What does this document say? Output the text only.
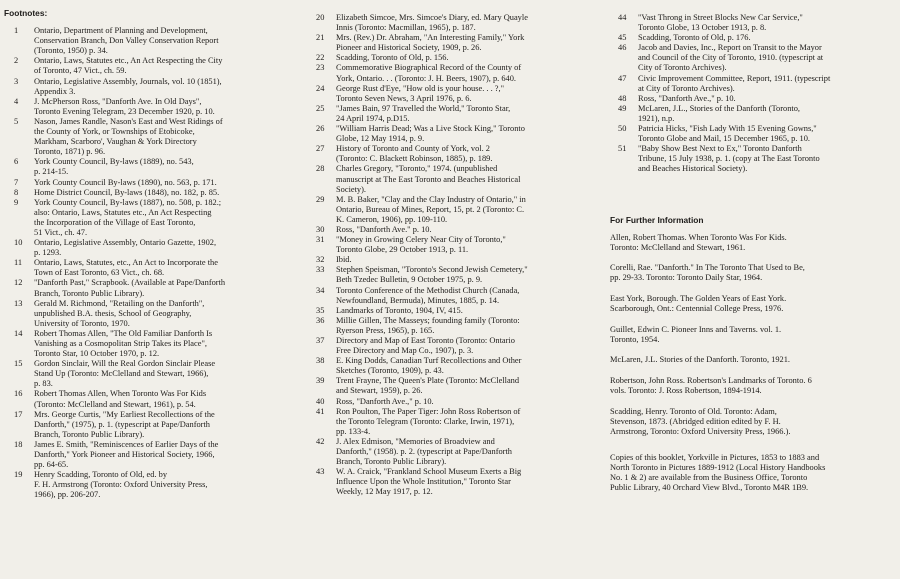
Footnotes:
1	Ontario, Department of Planning and Development,
Conservation Branch, Don Valley Conservation Report
(Toronto, 1950) p. 34.
2	Ontario, Laws, Statutes etc., An Act Respecting the City
of Toronto, 47 Vict., ch. 59.
3	Ontario, Legislative Assembly, Journals, vol. 10 (1851),
Appendix 3.
4	J. McPherson Ross, "Danforth Ave. In Old Days",
Toronto Evening Telegram, 23 December 1920, p. 10.
5	Nason, James Randle, Nason's East and West Ridings of
the County of York, or Townships of Etobicoke,
Markham, Scarboro', Vaughan & York Directory
Toronto, 1871) p. 96.
6	York County Council, By-laws (1889), no. 543,
p. 214-15.
7	York County Council By-laws (1890), no. 563, p. 171.
8	Home District Council, By-laws (1848), no. 182, p. 85.
9	York County Council, By-laws (1887), no. 508, p. 182.;
also: Ontario, Laws, Statutes etc., An Act Respecting
the Incorporation of the Village of East Toronto,
51 Vict., ch. 47.
10	Ontario, Legislative Assembly, Ontario Gazette, 1902,
p. 1293.
11	Ontario, Laws, Statutes, etc., An Act to Incorporate the
Town of East Toronto, 63 Vict., ch. 68.
12	"Danforth Past," Scrapbook. (Available at Pape/Danforth
Branch, Toronto Public Library).
13	Gerald M. Richmond, "Retailing on the Danforth",
unpublished B.A. thesis, School of Geography,
University of Toronto, 1970.
14	Robert Thomas Allen, "The Old Familiar Danforth Is
Vanishing as a Cosmopolitan Strip Takes its Place",
Toronto Star, 10 October 1970, p. 12.
15	Gordon Sinclair, Will the Real Gordon Sinclair Please
Stand Up (Toronto: McClelland and Stewart, 1966),
p. 83.
16	Robert Thomas Allen, When Toronto Was For Kids
(Toronto: McClelland and Stewart, 1961), p. 54.
17	Mrs. George Curtis, "My Earliest Recollections of the
Danforth," (1975), p. 1. (typescript at Pape/Danforth
Branch, Toronto Public Library).
18	James E. Smith, "Reminiscences of Earlier Days of the
Danforth," York Pioneer and Historical Society, 1966,
pp. 64-65.
19	Henry Scadding, Toronto of Old, ed. by
F. H. Armstrong (Toronto: Oxford University Press,
1966), pp. 206-207.
20	Elizabeth Simcoe, Mrs. Simcoe's Diary, ed. Mary Quayle
Innis (Toronto: Macmillan, 1965), p. 187.
21	Mrs. (Rev.) Dr. Abraham, "An Interesting Family," York
Pioneer and Historical Society, 1909, p. 26.
22	Scadding, Toronto of Old, p. 156.
23	Commemorative Biographical Record of the County of
York, Ontario. . . (Toronto: J. H. Beers, 1907), p. 640.
24	George Rust d'Eye, "How old is your house. . . ?,"
Toronto Seven News, 3 April 1976, p. 6.
25	"James Bain, 97 Travelled the World," Toronto Star,
24 April 1974, p.D15.
26	"William Harris Dead; Was a Live Stock King," Toronto
Globe, 12 May 1914, p. 9.
27	History of Toronto and County of York, vol. 2
(Toronto: C. Blackett Robinson, 1885), p. 189.
28	Charles Gregory, "Toronto," 1974. (unpublished
manuscript at The East Toronto and Beaches Historical
Society).
29	M. B. Baker, "Clay and the Clay Industry of Ontario," in
Ontario, Bureau of Mines, Report, 15, pt. 2 (Toronto: C.
K. Cameron, 1906), pp. 109-110.
30	Ross, "Danforth Ave." p. 10.
31	"Money in Growing Celery Near City of Toronto,"
Toronto Globe, 29 October 1913, p. 11.
32	Ibid.
33	Stephen Speisman, "Toronto's Second Jewish Cemetery,"
Beth Tzedec Bulletin, 9 October 1975, p. 9.
34	Toronto Conference of the Methodist Church (Canada,
Newfoundland, Bermuda), Minutes, 1885, p. 14.
35	Landmarks of Toronto, 1904, IV, 415.
36	Millie Gillen, The Masseys; founding family (Toronto:
Ryerson Press, 1965), p. 165.
37	Directory and Map of East Toronto (Toronto: Ontario
Free Directory and Map Co., 1907), p. 3.
38	E. King Dodds, Canadian Turf Recollections and Other
Sketches (Toronto, 1909), p. 43.
39	Trent Frayne, The Queen's Plate (Toronto: McClelland
and Stewart, 1959), p. 26.
40	Ross, "Danforth Ave.," p. 10.
41	Ron Poulton, The Paper Tiger: John Ross Robertson of
the Toronto Telegram (Toronto: Clarke, Irwin, 1971),
pp. 133-4.
42	J. Alex Edmison, "Memories of Broadview and
Danforth," (1958). p. 2. (typescript at Pape/Danforth
Branch, Toronto Public Library).
43	W. A. Craick, "Frankland School Museum Exerts a Big
Influence Upon the Whole Institution," Toronto Star
Weekly, 12 May 1917, p. 12.
44	"Vast Throng in Street Blocks New Car Service,"
Toronto Globe, 13 October 1913, p. 8.
45	Scadding, Toronto of Old, p. 176.
46	Jacob and Davies, Inc., Report on Transit to the Mayor
and Council of the City of Toronto, 1910. (typescript at
City of Toronto Archives).
47	Civic Improvement Committee, Report, 1911. (typescript
at City of Toronto Archives).
48	Ross, "Danforth Ave.," p. 10.
49	McLaren, J.L., Stories of the Danforth (Toronto,
1921), n.p.
50	Patricia Hicks, "Fish Lady With 15 Evening Gowns,"
Toronto Globe and Mail, 15 December 1965, p. 10.
51	"Baby Show Best Next to Ex," Toronto Danforth
Tribune, 15 July 1938, p. 1. (copy at The East Toronto
and Beaches Historical Society).
For Further Information
Allen, Robert Thomas. When Toronto Was For Kids.
Toronto: McClelland and Stewart, 1961.
Corelli, Rae. "Danforth." In The Toronto That Used to Be,
pp. 29-33. Toronto: Toronto Daily Star, 1964.
East York, Borough. The Golden Years of East York.
Scarborough, Ont.: Centennial College Press, 1976.
Guillet, Edwin C. Pioneer Inns and Taverns. vol. 1.
Toronto, 1954.
McLaren, J.L. Stories of the Danforth. Toronto, 1921.
Robertson, John Ross. Robertson's Landmarks of Toronto. 6
vols. Toronto: J. Ross Robertson, 1894-1914.
Scadding, Henry. Toronto of Old. Toronto: Adam,
Stevenson, 1873. (Abridged edition edited by F. H.
Armstrong, Toronto: Oxford University Press, 1966.).
Copies of this booklet, Yorkville in Pictures, 1853 to 1883 and
North Toronto in Pictures 1889-1912 (Local History Handbooks
No. 1 & 2) are available from the Business Office, Toronto
Public Library, 40 Orchard View Blvd., Toronto M4R 1B9.
